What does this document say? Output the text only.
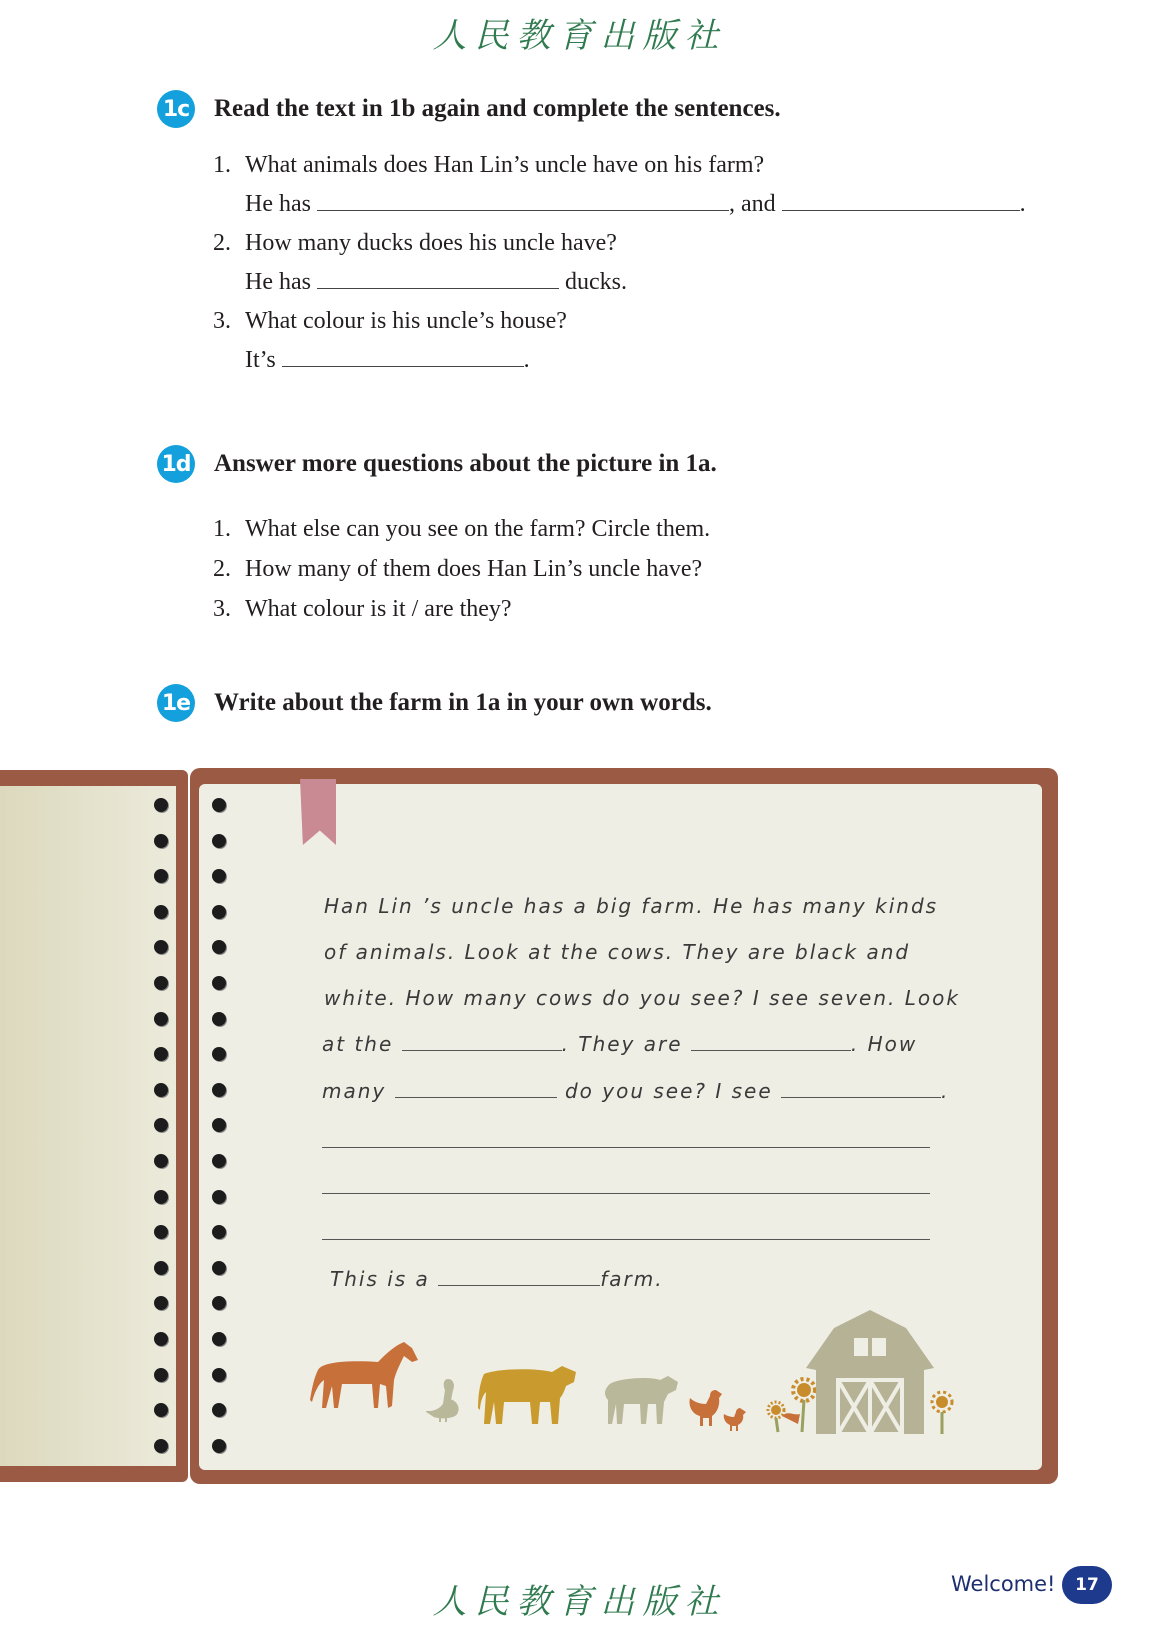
人民教育出版社
1c Read the text in 1b again and complete the sentences.
1. What animals does Han Lin’s uncle have on his farm?
He has	, and	.
2. How many ducks does his uncle have?
He has	ducks.
3. What colour is his uncle’s house?
It’s	.
1d Answer more questions about the picture in 1a.
1. What else can you see on the farm? Circle them.
2. How many of them does Han Lin’s uncle have?
3. What colour is it / are they?
1e Write about the farm in 1a in your own words.
Han Lin ’s uncle has a big farm. He has many kinds
of animals. Look at the cows. They are black and
white. How many cows do you see? I see seven. Look
at the	. They are	. How
many	do you see? I see	.
This is a	farm.
Welcome!	17
人民教育出版社
